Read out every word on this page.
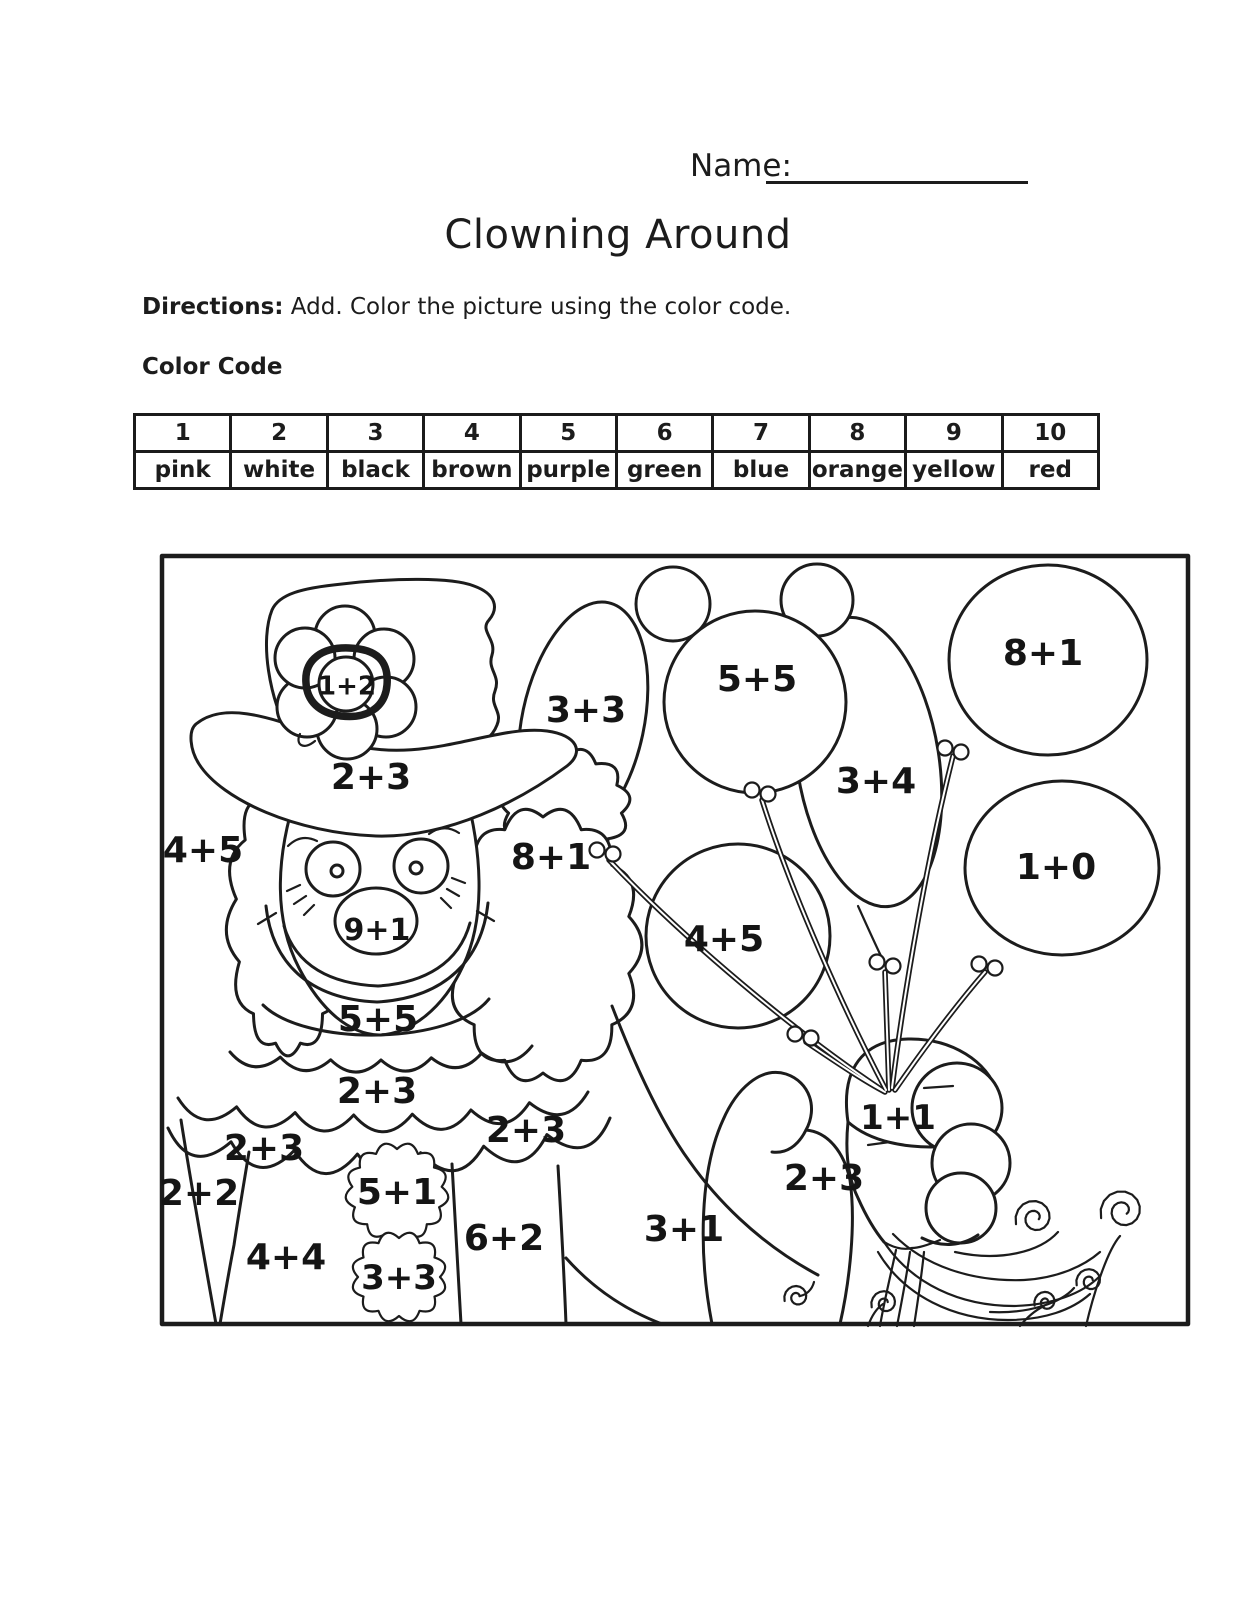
Name:
Clowning Around
Directions: Add. Color the picture using the color code.
Color Code
1	2	3	4	5	6	7	8	9	10
pink	white	black	brown	purple	green	blue	orange	yellow	red
1+2
2+3
3+3
5+5
8+1
3+4
4+5	8+1
9+1	4+5
1+0
5+5
2+3
2+3	2+3
2+2	5+1
4+4
3+3
6+2
1+1
2+3
3+1
